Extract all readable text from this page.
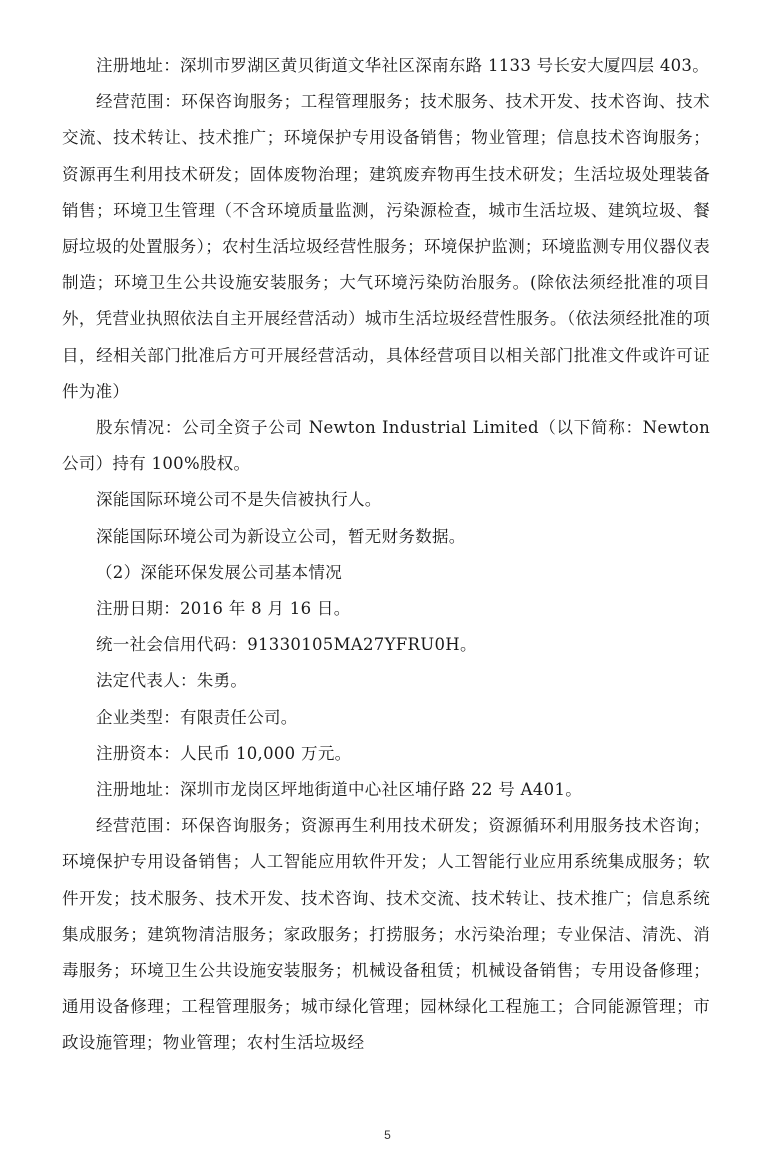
注册地址：深圳市罗湖区黄贝街道文华社区深南东路 1133 号长安大厦四层 403。

经营范围：环保咨询服务；工程管理服务；技术服务、技术开发、技术咨询、技术交流、技术转让、技术推广；环境保护专用设备销售；物业管理；信息技术咨询服务；资源再生利用技术研发；固体废物治理；建筑废弃物再生技术研发；生活垃圾处理装备销售；环境卫生管理（不含环境质量监测，污染源检查，城市生活垃圾、建筑垃圾、餐厨垃圾的处置服务）；农村生活垃圾经营性服务；环境保护监测；环境监测专用仪器仪表制造；环境卫生公共设施安装服务；大气环境污染防治服务。(除依法须经批准的项目外，凭营业执照依法自主开展经营活动）城市生活垃圾经营性服务。（依法须经批准的项目，经相关部门批准后方可开展经营活动，具体经营项目以相关部门批准文件或许可证件为准）

股东情况：公司全资子公司 Newton Industrial Limited（以下简称：Newton 公司）持有 100%股权。

深能国际环境公司不是失信被执行人。

深能国际环境公司为新设立公司，暂无财务数据。

（2）深能环保发展公司基本情况

注册日期：2016 年 8 月 16 日。

统一社会信用代码：91330105MA27YFRU0H。

法定代表人：朱勇。

企业类型：有限责任公司。

注册资本：人民币 10,000 万元。

注册地址：深圳市龙岗区坪地街道中心社区埔仔路 22 号 A401。

经营范围：环保咨询服务；资源再生利用技术研发；资源循环利用服务技术咨询；环境保护专用设备销售；人工智能应用软件开发；人工智能行业应用系统集成服务；软件开发；技术服务、技术开发、技术咨询、技术交流、技术转让、技术推广；信息系统集成服务；建筑物清洁服务；家政服务；打捞服务；水污染治理；专业保洁、清洗、消毒服务；环境卫生公共设施安装服务；机械设备租赁；机械设备销售；专用设备修理；通用设备修理；工程管理服务；城市绿化管理；园林绿化工程施工；合同能源管理；市政设施管理；物业管理；农村生活垃圾经

5
